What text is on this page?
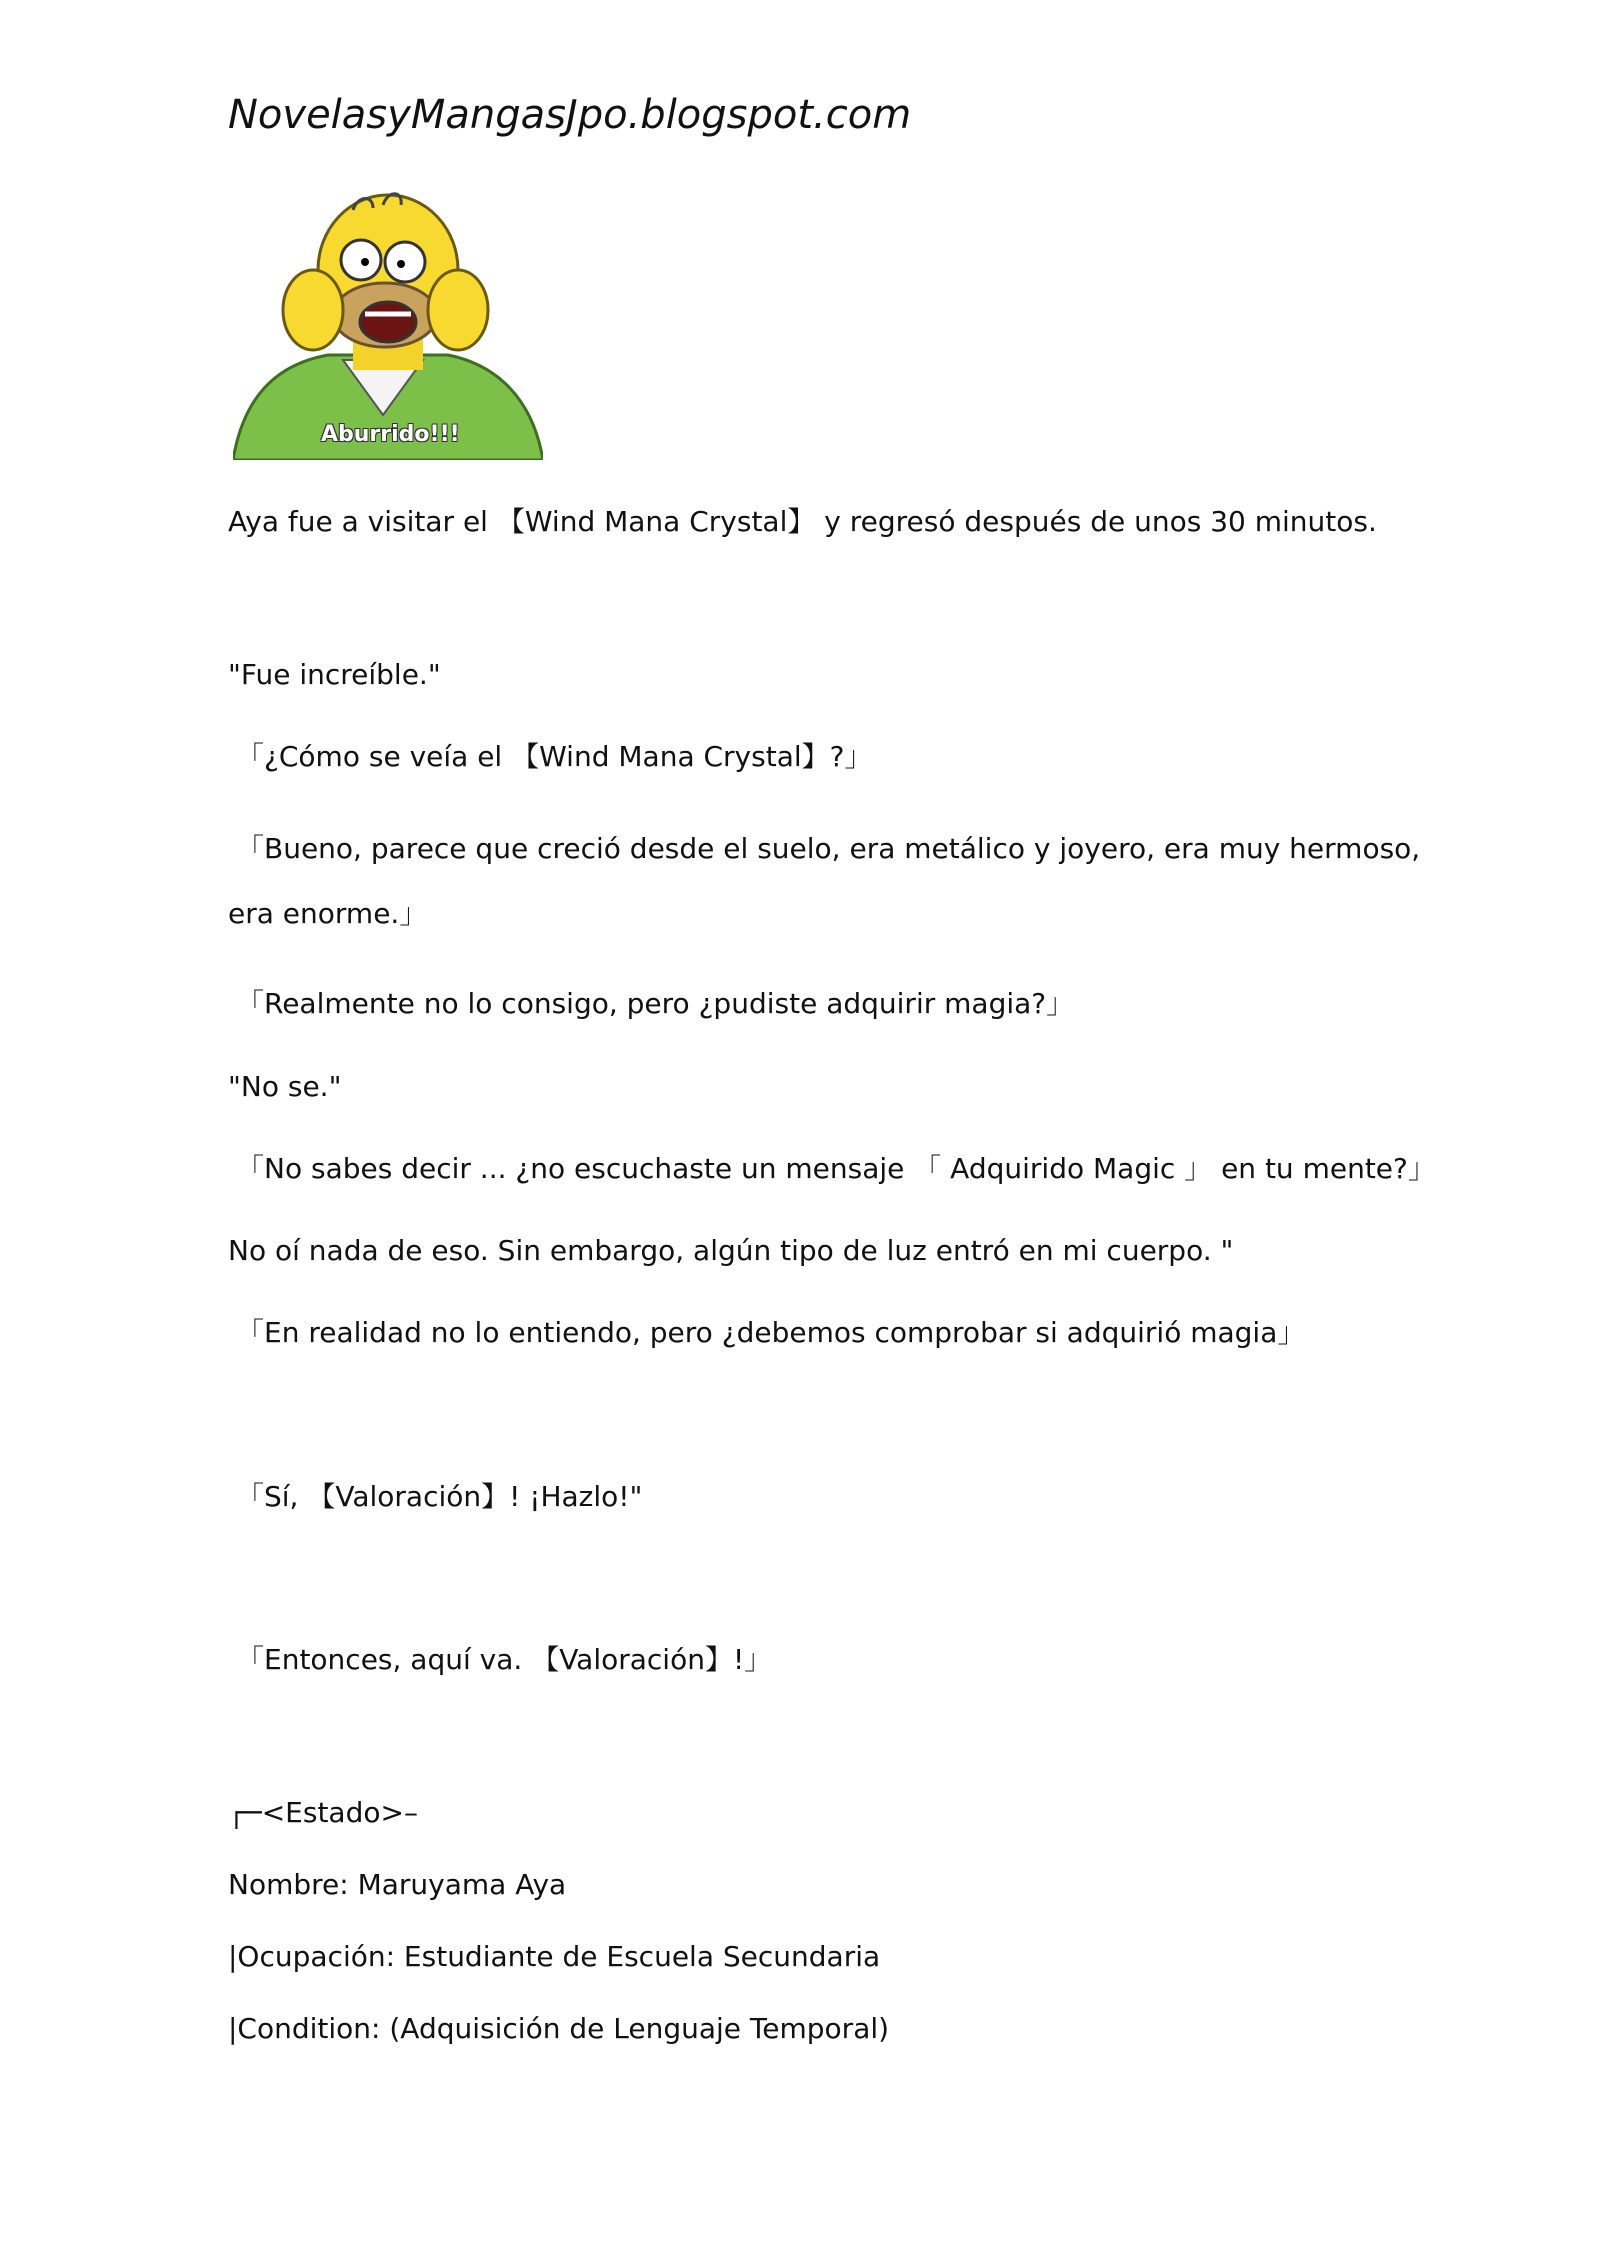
NovelasyMangasJpo.blogspot.com
Aburrido!!!
Aya fue a visitar el 【Wind Mana Crystal】 y regresó después de unos 30 minutos.
"Fue increíble."
「¿Cómo se veía el 【Wind Mana Crystal】?」
「Bueno, parece que creció desde el suelo, era metálico y joyero, era muy hermoso,
era enorme.」
「Realmente no lo consigo, pero ¿pudiste adquirir magia?」
"No se."
「No sabes decir ... ¿no escuchaste un mensaje 「 Adquirido Magic 」 en tu mente?」
No oí nada de eso. Sin embargo, algún tipo de luz entró en mi cuerpo. "
「En realidad no lo entiendo, pero ¿debemos comprobar si adquirió magia」
「Sí, 【Valoración】! ¡Hazlo!"
「Entonces, aquí va. 【Valoración】!」
┌─<Estado>–
Nombre: Maruyama Aya
|Ocupación: Estudiante de Escuela Secundaria
|Condition: (Adquisición de Lenguaje Temporal)
